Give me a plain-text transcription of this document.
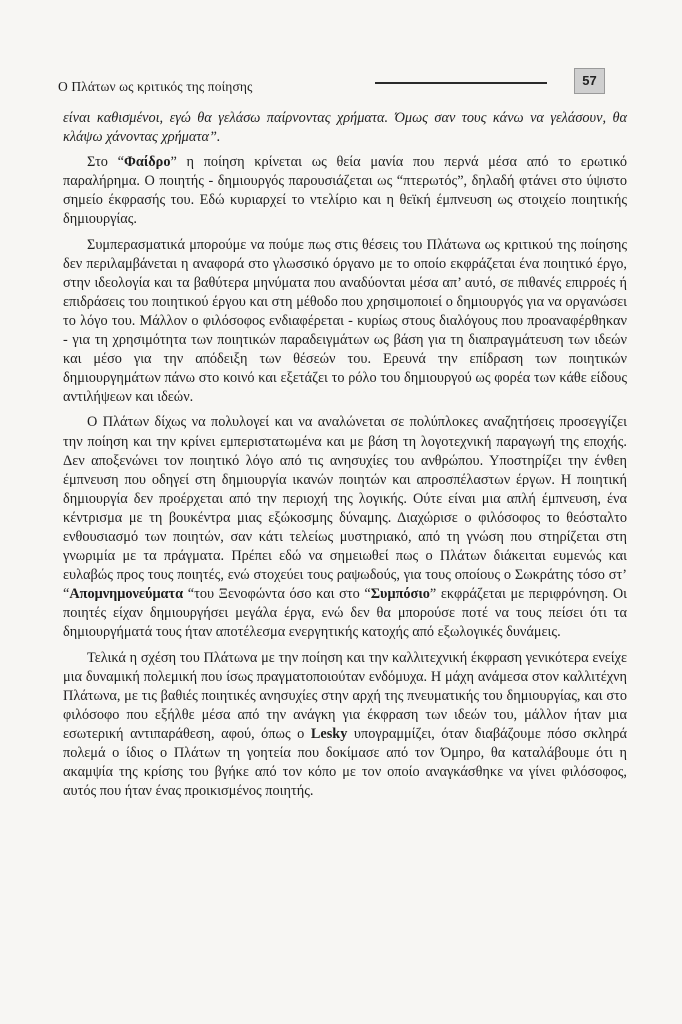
Ο Πλάτων ως κριτικός της ποίησης	57

είναι καθισμένοι, εγώ θα γελάσω παίρνοντας χρήματα. Όμως σαν τους κάνω να γελάσουν, θα κλάψω χάνοντας χρήματα”.

Στο “Φαίδρο” η ποίηση κρίνεται ως θεία μανία που περνά μέσα από το ερωτικό παραλήρημα. Ο ποιητής - δημιουργός παρουσιάζεται ως “πτερωτός”, δηλαδή φτάνει στο ύψιστο σημείο έκφρασής του. Εδώ κυριαρχεί το ντελίριο και η θεϊκή έμπνευση ως στοιχείο ποιητικής δημιουργίας.

Συμπερασματικά μπορούμε να πούμε πως στις θέσεις του Πλάτωνα ως κριτικού της ποίησης δεν περιλαμβάνεται η αναφορά στο γλωσσικό όργανο με το οποίο εκφράζεται ένα ποιητικό έργο, στην ιδεολογία και τα βαθύτερα μηνύματα που αναδύονται μέσα απ’ αυτό, σε πιθανές επιρροές ή επιδράσεις του ποιητικού έργου και στη μέθοδο που χρησιμοποιεί ο δημιουργός για να οργανώσει το λόγο του. Μάλλον ο φιλόσοφος ενδιαφέρεται - κυρίως στους διαλόγους που προαναφέρθηκαν - για τη χρησιμότητα των ποιητικών παραδειγμάτων ως βάση για τη διαπραγμάτευση των ιδεών και μέσο για την απόδειξη των θέσεών του. Ερευνά την επίδραση των ποιητικών δημιουργημάτων πάνω στο κοινό και εξετάζει το ρόλο του δημιουργού ως φορέα των κάθε είδους αντιλήψεων και ιδεών.

Ο Πλάτων δίχως να πολυλογεί και να αναλώνεται σε πολύπλοκες αναζητήσεις προσεγγίζει την ποίηση και την κρίνει εμπεριστατωμένα και με βάση τη λογοτεχνική παραγωγή της εποχής. Δεν αποξενώνει τον ποιητικό λόγο από τις ανησυχίες του ανθρώπου. Υποστηρίζει την ένθεη έμπνευση που οδηγεί στη δημιουργία ικανών ποιητών και απροσπέλαστων έργων. Η ποιητική δημιουργία δεν προέρχεται από την περιοχή της λογικής. Ούτε είναι μια απλή έμπνευση, ένα κέντρισμα με τη βουκέντρα μιας εξώκοσμης δύναμης. Διαχώρισε ο φιλόσοφος το θεόσταλτο ενθουσιασμό των ποιητών, σαν κάτι τελείως μυστηριακό, από τη γνώση που στηρίζεται στη γνωριμία με τα πράγματα. Πρέπει εδώ να σημειωθεί πως ο Πλάτων διάκειται ευμενώς και ευλαβώς προς τους ποιητές, ενώ στοχεύει τους ραψωδούς, για τους οποίους ο Σωκράτης τόσο στ’ “Απομνημονεύματα “του Ξενοφώντα όσο και στο “Συμπόσιο” εκφράζεται με περιφρόνηση. Οι ποιητές είχαν δημιουργήσει μεγάλα έργα, ενώ δεν θα μπορούσε ποτέ να τους πείσει ότι τα δημιουργήματά τους ήταν αποτέλεσμα ενεργητικής κατοχής από εξωλογικές δυνάμεις.

Τελικά η σχέση του Πλάτωνα με την ποίηση και την καλλιτεχνική έκφραση γενικότερα ενείχε μια δυναμική πολεμική που ίσως πραγματοποιούταν ενδόμυχα. Η μάχη ανάμεσα στον καλλιτέχνη Πλάτωνα, με τις βαθιές ποιητικές ανησυχίες στην αρχή της πνευματικής του δημιουργίας, και στο φιλόσοφο που εξήλθε μέσα από την ανάγκη για έκφραση των ιδεών του, μάλλον ήταν μια εσωτερική αντιπαράθεση, αφού, όπως ο Lesky υπογραμμίζει, όταν διαβάζουμε πόσο σκληρά πολεμά ο ίδιος ο Πλάτων τη γοητεία που δοκίμασε από τον Όμηρο, θα καταλάβουμε ότι η ακαμψία της κρίσης του βγήκε από τον κόπο με τον οποίο αναγκάσθηκε να γίνει φιλόσοφος, αυτός που ήταν ένας προικισμένος ποιητής.
